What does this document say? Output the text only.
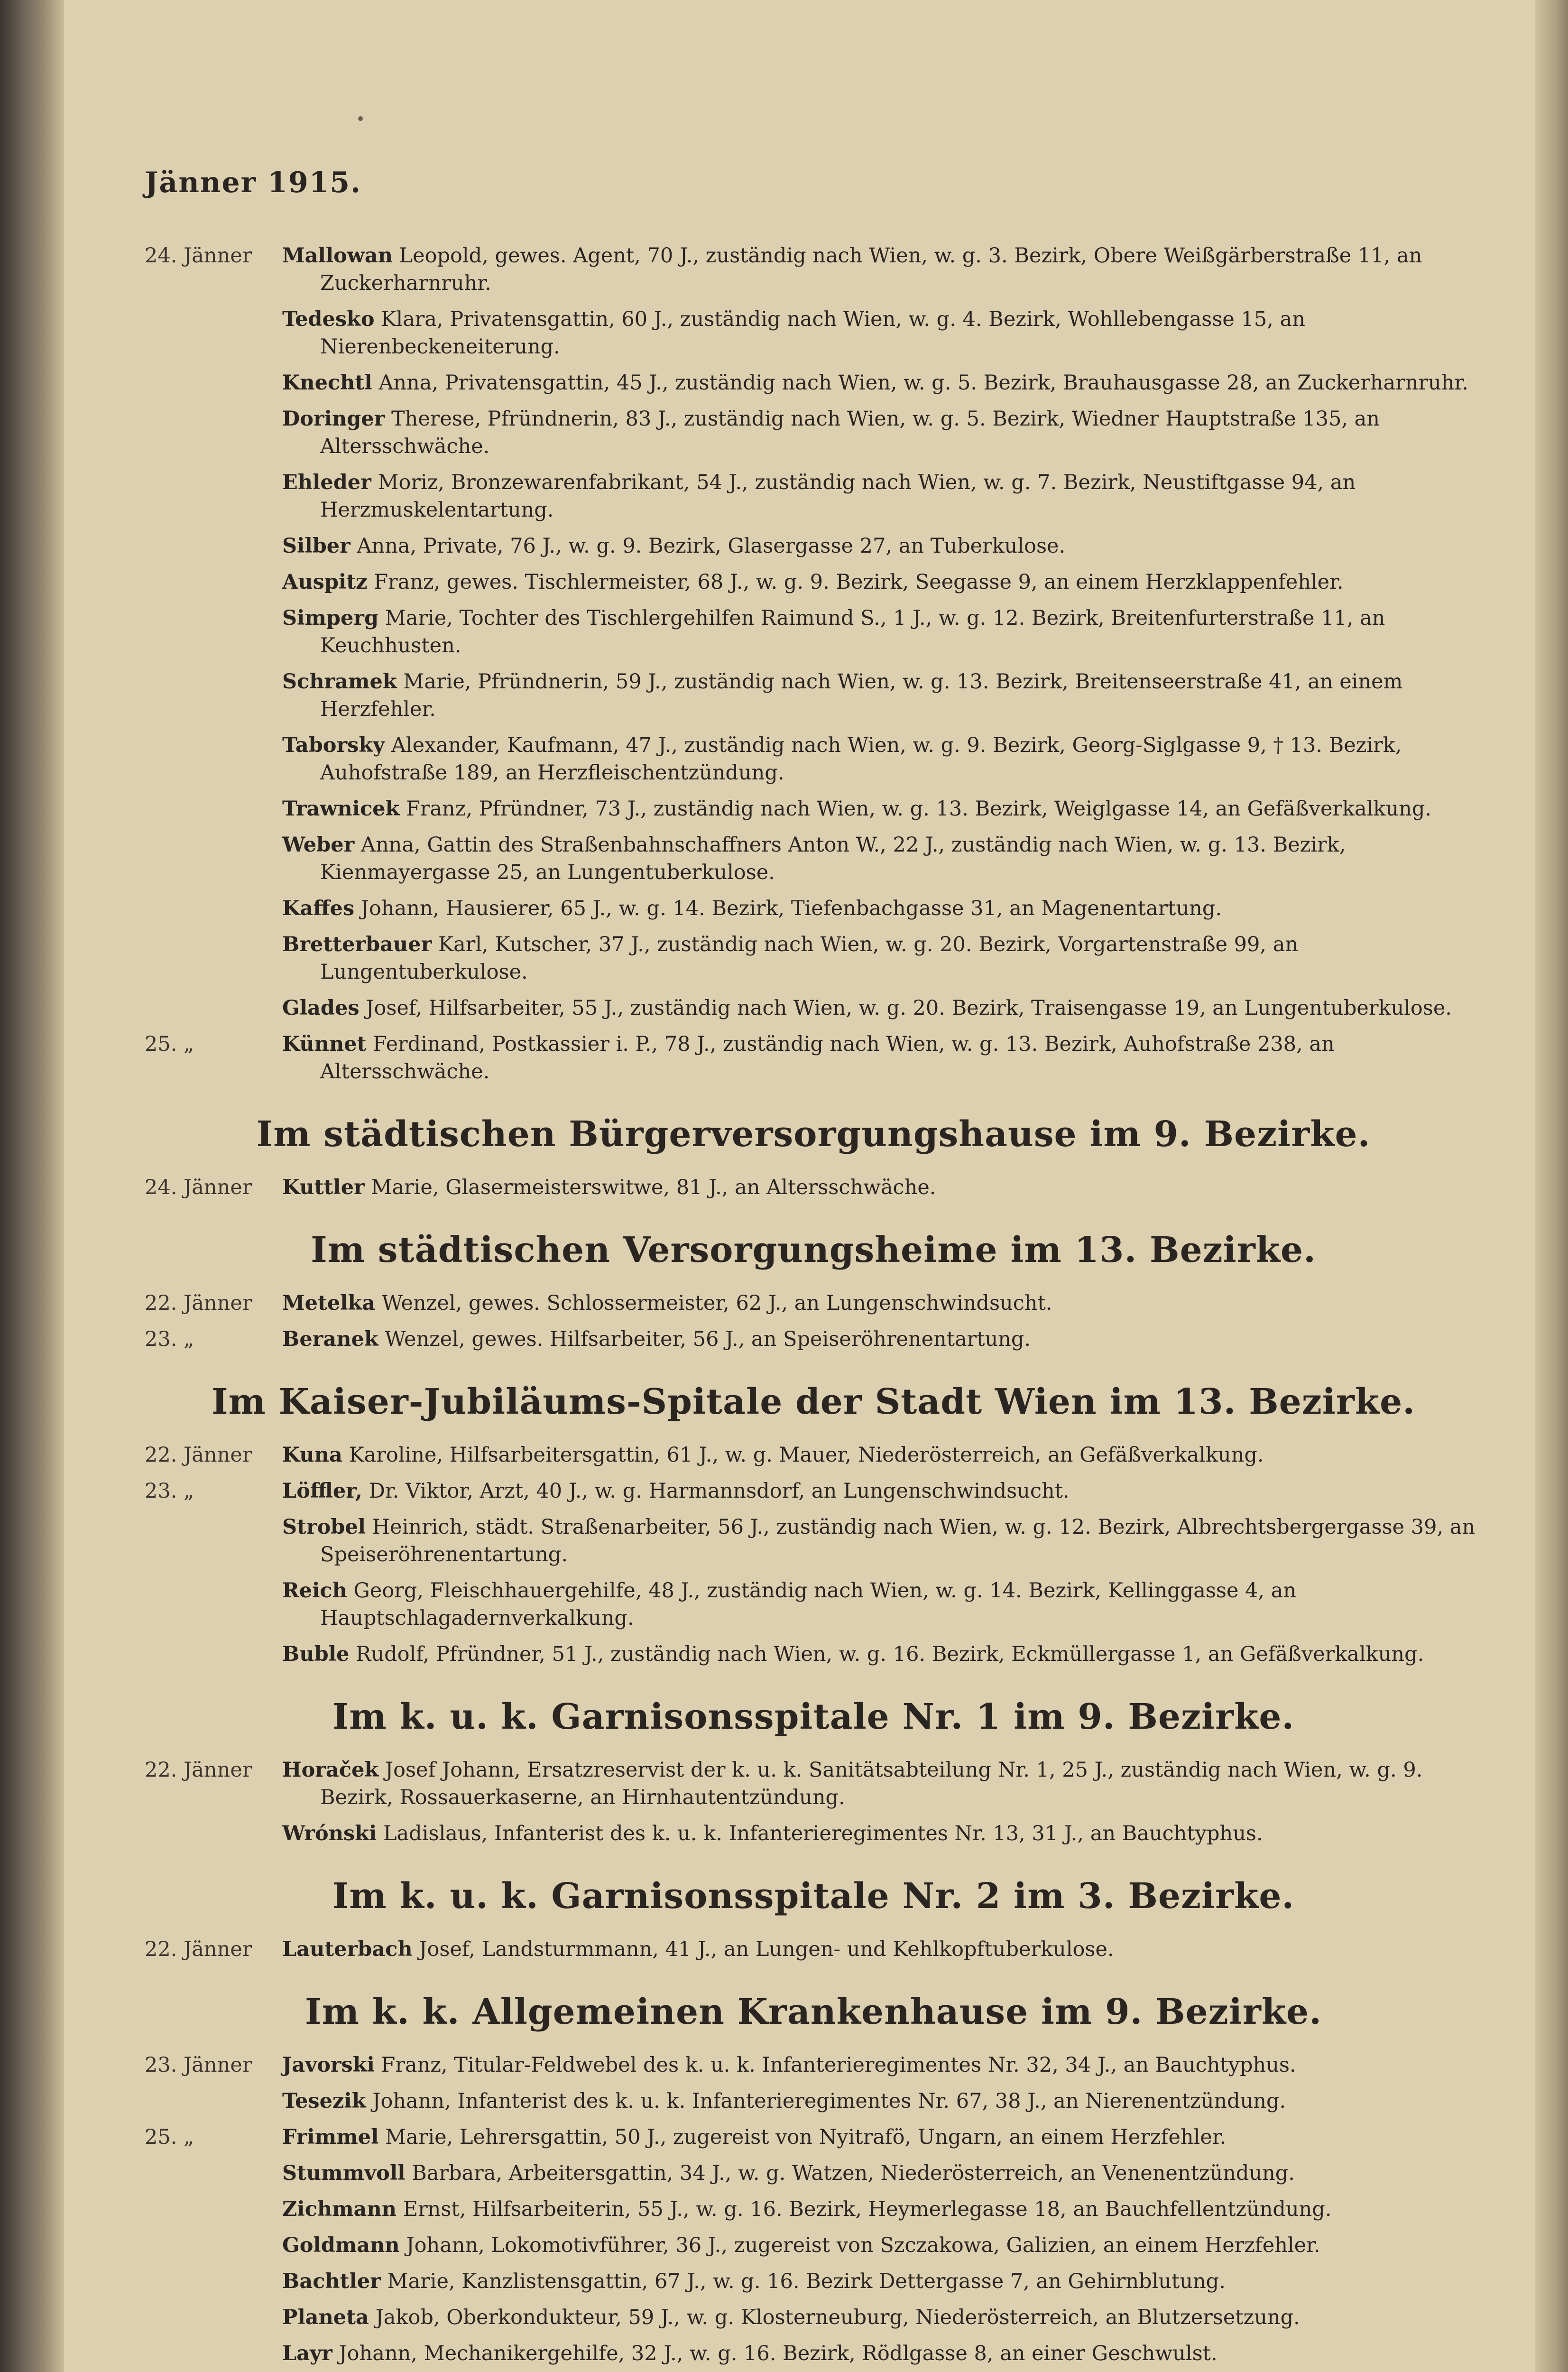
Jänner 1915.
24. Jänner	Mallowan Leopold, gewes. Agent, 70 J., zuständig nach Wien, w. g. 3. Bezirk, Obere Weißgärberstraße 11, an Zuckerharnruhr.
Tedesko Klara, Privatensgattin, 60 J., zuständig nach Wien, w. g. 4. Bezirk, Wohllebengasse 15, an Nierenbeckeneiterung.
Knechtl Anna, Privatensgattin, 45 J., zuständig nach Wien, w. g. 5. Bezirk, Brauhausgasse 28, an Zuckerharnruhr.
Doringer Therese, Pfründnerin, 83 J., zuständig nach Wien, w. g. 5. Bezirk, Wiedner Hauptstraße 135, an Altersschwäche.
Ehleder Moriz, Bronzewarenfabrikant, 54 J., zuständig nach Wien, w. g. 7. Bezirk, Neustiftgasse 94, an Herzmuskelentartung.
Silber Anna, Private, 76 J., w. g. 9. Bezirk, Glasergasse 27, an Tuberkulose.
Auspitz Franz, gewes. Tischlermeister, 68 J., w. g. 9. Bezirk, Seegasse 9, an einem Herzklappenfehler.
Simperg Marie, Tochter des Tischlergehilfen Raimund S., 1 J., w. g. 12. Bezirk, Breitenfurterstraße 11, an Keuchhusten.
Schramek Marie, Pfründnerin, 59 J., zuständig nach Wien, w. g. 13. Bezirk, Breitenseerstraße 41, an einem Herzfehler.
Taborsky Alexander, Kaufmann, 47 J., zuständig nach Wien, w. g. 9. Bezirk, Georg-Siglgasse 9, † 13. Bezirk, Auhofstraße 189, an Herzfleischentzündung.
Trawnicek Franz, Pfründner, 73 J., zuständig nach Wien, w. g. 13. Bezirk, Weiglgasse 14, an Gefäßverkalkung.
Weber Anna, Gattin des Straßenbahnschaffners Anton W., 22 J., zuständig nach Wien, w. g. 13. Bezirk, Kienmayergasse 25, an Lungentuberkulose.
Kaffes Johann, Hausierer, 65 J., w. g. 14. Bezirk, Tiefenbachgasse 31, an Magenentartung.
Bretterbauer Karl, Kutscher, 37 J., zuständig nach Wien, w. g. 20. Bezirk, Vorgartenstraße 99, an Lungentuberkulose.
Glades Josef, Hilfsarbeiter, 55 J., zuständig nach Wien, w. g. 20. Bezirk, Traisengasse 19, an Lungentuberkulose.
25. „	Künnet Ferdinand, Postkassier i. P., 78 J., zuständig nach Wien, w. g. 13. Bezirk, Auhofstraße 238, an Altersschwäche.
Im städtischen Bürgerversorgungshause im 9. Bezirke.
24. Jänner	Kuttler Marie, Glasermeisterswitwe, 81 J., an Altersschwäche.
Im städtischen Versorgungsheime im 13. Bezirke.
22. Jänner	Metelka Wenzel, gewes. Schlossermeister, 62 J., an Lungenschwindsucht.
23. „	Beranek Wenzel, gewes. Hilfsarbeiter, 56 J., an Speiseröhrenentartung.
Im Kaiser-Jubiläums-Spitale der Stadt Wien im 13. Bezirke.
22. Jänner	Kuna Karoline, Hilfsarbeitersgattin, 61 J., w. g. Mauer, Niederösterreich, an Gefäßverkalkung.
23. „	Löffler, Dr. Viktor, Arzt, 40 J., w. g. Harmannsdorf, an Lungenschwindsucht.
Strobel Heinrich, städt. Straßenarbeiter, 56 J., zuständig nach Wien, w. g. 12. Bezirk, Albrechtsbergergasse 39, an Speiseröhrenentartung.
Reich Georg, Fleischhauergehilfe, 48 J., zuständig nach Wien, w. g. 14. Bezirk, Kellinggasse 4, an Hauptschlagadernverkalkung.
Buble Rudolf, Pfründner, 51 J., zuständig nach Wien, w. g. 16. Bezirk, Eckmüllergasse 1, an Gefäßverkalkung.
Im k. u. k. Garnisonsspitale Nr. 1 im 9. Bezirke.
22. Jänner	Horaček Josef Johann, Ersatzreservist der k. u. k. Sanitätsabteilung Nr. 1, 25 J., zuständig nach Wien, w. g. 9. Bezirk, Rossauerkaserne, an Hirnhautentzündung.
Wrónski Ladislaus, Infanterist des k. u. k. Infanterieregimentes Nr. 13, 31 J., an Bauchtyphus.
Im k. u. k. Garnisonsspitale Nr. 2 im 3. Bezirke.
22. Jänner	Lauterbach Josef, Landsturmmann, 41 J., an Lungen- und Kehlkopftuberkulose.
Im k. k. Allgemeinen Krankenhause im 9. Bezirke.
23. Jänner	Javorski Franz, Titular-Feldwebel des k. u. k. Infanterieregimentes Nr. 32, 34 J., an Bauchtyphus.
Tesezik Johann, Infanterist des k. u. k. Infanterieregimentes Nr. 67, 38 J., an Nierenentzündung.
25. „	Frimmel Marie, Lehrersgattin, 50 J., zugereist von Nyitrafö, Ungarn, an einem Herzfehler.
Stummvoll Barbara, Arbeitersgattin, 34 J., w. g. Watzen, Niederösterreich, an Venenentzündung.
Zichmann Ernst, Hilfsarbeiterin, 55 J., w. g. 16. Bezirk, Heymerlegasse 18, an Bauchfellentzündung.
Goldmann Johann, Lokomotivführer, 36 J., zugereist von Szczakowa, Galizien, an einem Herzfehler.
Bachtler Marie, Kanzlistensgattin, 67 J., w. g. 16. Bezirk Dettergasse 7, an Gehirnblutung.
Planeta Jakob, Oberkondukteur, 59 J., w. g. Klosterneuburg, Niederösterreich, an Blutzersetzung.
Layr Johann, Mechanikergehilfe, 32 J., w. g. 16. Bezirk, Rödlgasse 8, an einer Geschwulst.
